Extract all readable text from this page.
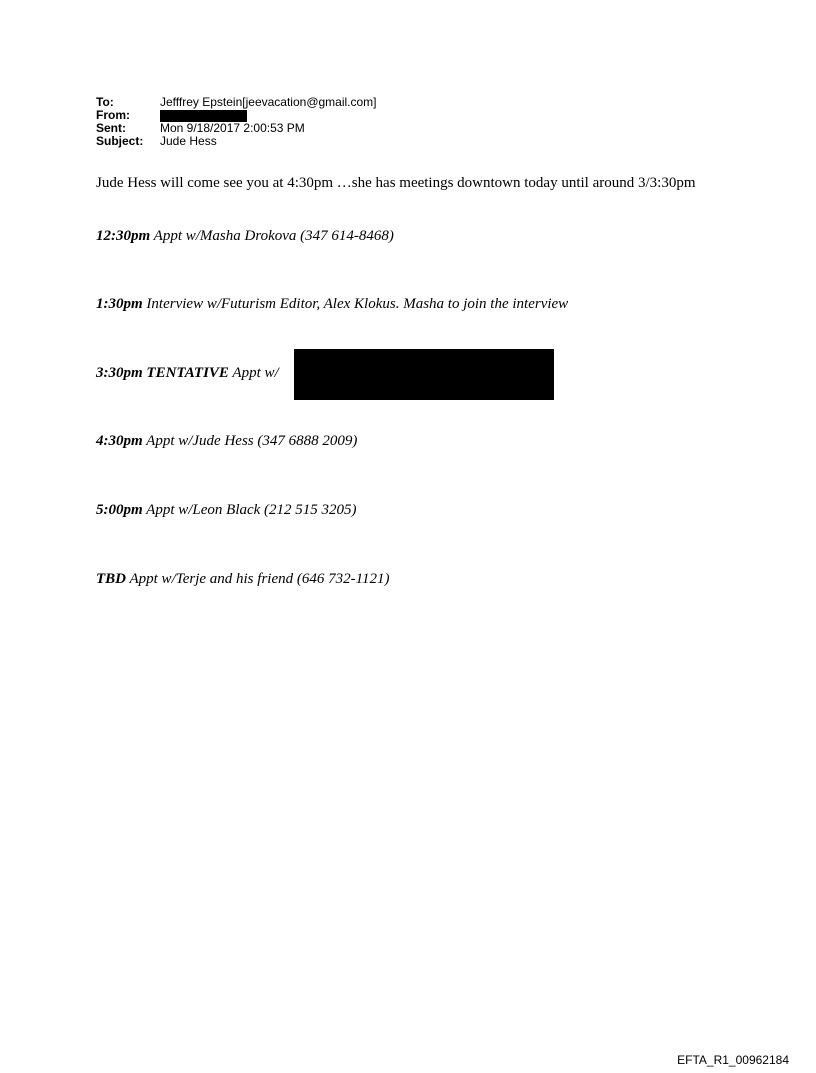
To:	Jefffrey Epstein[jeevacation@gmail.com]
From:
Sent:	Mon 9/18/2017 2:00:53 PM
Subject:	Jude Hess
Jude Hess will come see you at 4:30pm …she has meetings downtown today until around 3/3:30pm
12:30pm Appt w/Masha Drokova (347 614-8468)
1:30pm Interview w/Futurism Editor, Alex Klokus. Masha to join the interview
3:30pm TENTATIVE Appt w/
4:30pm Appt w/Jude Hess (347 6888 2009)
5:00pm Appt w/Leon Black (212 515 3205)
TBD Appt w/Terje and his friend (646 732-1121)
EFTA_R1_00962184
